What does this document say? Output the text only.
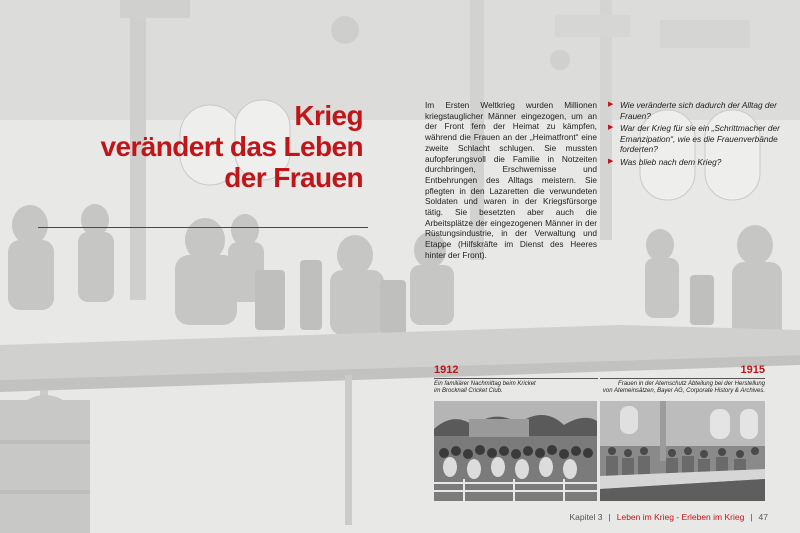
Krieg
verändert das Leben
der Frauen

Im Ersten Weltkrieg wurden Millionen kriegstauglicher Männer eingezogen, um an der Front fern der Heimat zu kämpfen, während die Frauen an der „Heimatfront“ eine zweite Schlacht schlugen. Sie mussten aufopferungsvoll die Familie in Notzeiten durchbringen, Erschwernisse und Entbehrungen des Alltags meistern. Sie pflegten in den Lazaretten die verwundeten Soldaten und waren in der Kriegsfürsorge tätig. Sie besetzten aber auch die Arbeitsplätze der eingezogenen Männer in der Rüstungsindustrie, in der Verwaltung und Etappe (Hilfskräfte im Dienst des Heeres hinter der Front).

▶ Wie veränderte sich dadurch der Alltag der Frauen?
▶ War der Krieg für sie ein „Schrittmacher der Emanzipation“, wie es die Frauenverbände forderten?
▶ Was blieb nach dem Krieg?
1912
Ein familiärer Nachmittag beim Kricket
im Brocknall Cricket Club.
1915
Frauen in der Atemschutz Abteilung bei der Herstellung
von Atemeinsätzen, Bayer AG, Corporate History & Archives.
Kapitel 3 | Leben im Krieg - Erleben im Krieg | 47
